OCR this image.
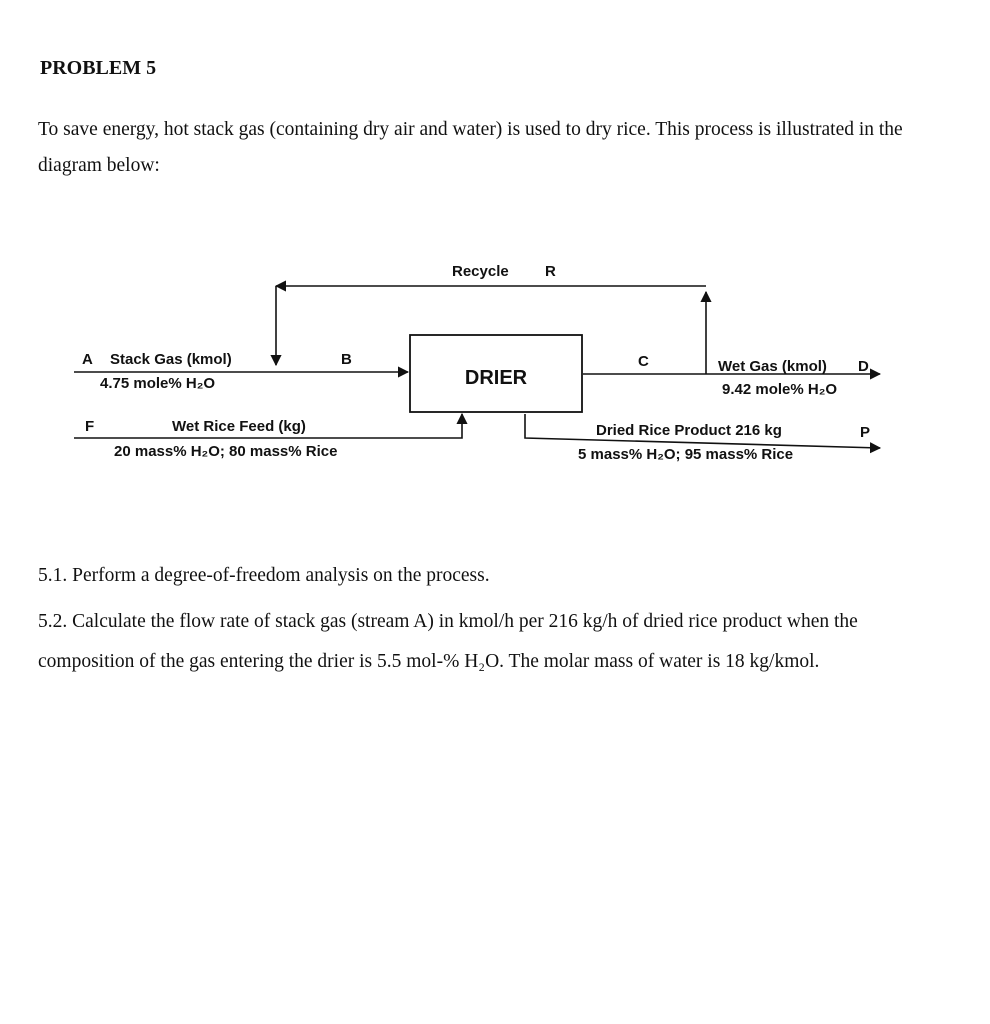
PROBLEM 5

To save energy, hot stack gas (containing dry air and water) is used to dry rice. This process is illustrated in the diagram below:

DRIER
Recycle R
A Stack Gas (kmol)
4.75 mole% H₂O
B	C	Wet Gas (kmol) D
9.42 mole% H₂O
F	Wet Rice Feed (kg)
20 mass% H₂O; 80 mass% Rice
Dried Rice Product 216 kg	P
5 mass% H₂O; 95 mass% Rice

5.1. Perform a degree-of-freedom analysis on the process.

5.2. Calculate the flow rate of stack gas (stream A) in kmol/h per 216 kg/h of dried rice product when the composition of the gas entering the drier is 5.5 mol-% H₂O. The molar mass of water is 18 kg/kmol.
